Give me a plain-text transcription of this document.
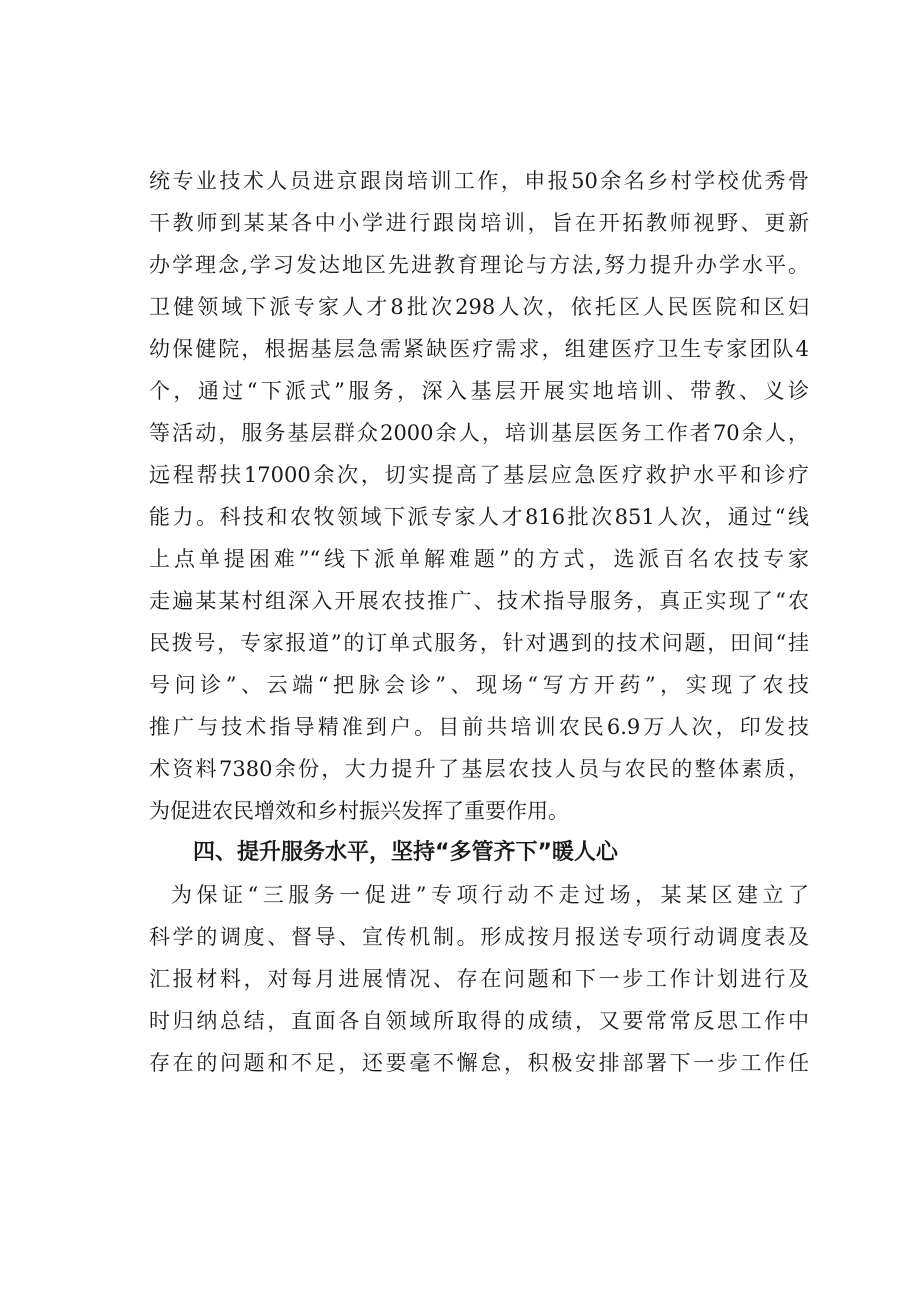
统专业技术人员进京跟岗培训工作，申报50余名乡村学校优秀骨
干教师到某某各中小学进行跟岗培训，旨在开拓教师视野、更新
办学理念,学习发达地区先进教育理论与方法,努力提升办学水平。
卫健领域下派专家人才8批次298人次，依托区人民医院和区妇
幼保健院，根据基层急需紧缺医疗需求，组建医疗卫生专家团队4
个，通过“下派式”服务，深入基层开展实地培训、带教、义诊
等活动，服务基层群众2000余人，培训基层医务工作者70余人，
远程帮扶17000余次，切实提高了基层应急医疗救护水平和诊疗
能力。科技和农牧领域下派专家人才816批次851人次，通过“线
上点单提困难”“线下派单解难题”的方式，选派百名农技专家
走遍某某村组深入开展农技推广、技术指导服务，真正实现了“农
民拨号，专家报道”的订单式服务，针对遇到的技术问题，田间“挂
号问诊”、云端“把脉会诊”、现场“写方开药”，实现了农技
推广与技术指导精准到户。目前共培训农民6.9万人次，印发技
术资料7380余份，大力提升了基层农技人员与农民的整体素质，
为促进农民增效和乡村振兴发挥了重要作用。
四、提升服务水平，坚持“多管齐下”暖人心
为保证“三服务一促进”专项行动不走过场，某某区建立了
科学的调度、督导、宣传机制。形成按月报送专项行动调度表及
汇报材料，对每月进展情况、存在问题和下一步工作计划进行及
时归纳总结，直面各自领域所取得的成绩，又要常常反思工作中
存在的问题和不足，还要毫不懈怠，积极安排部署下一步工作任
